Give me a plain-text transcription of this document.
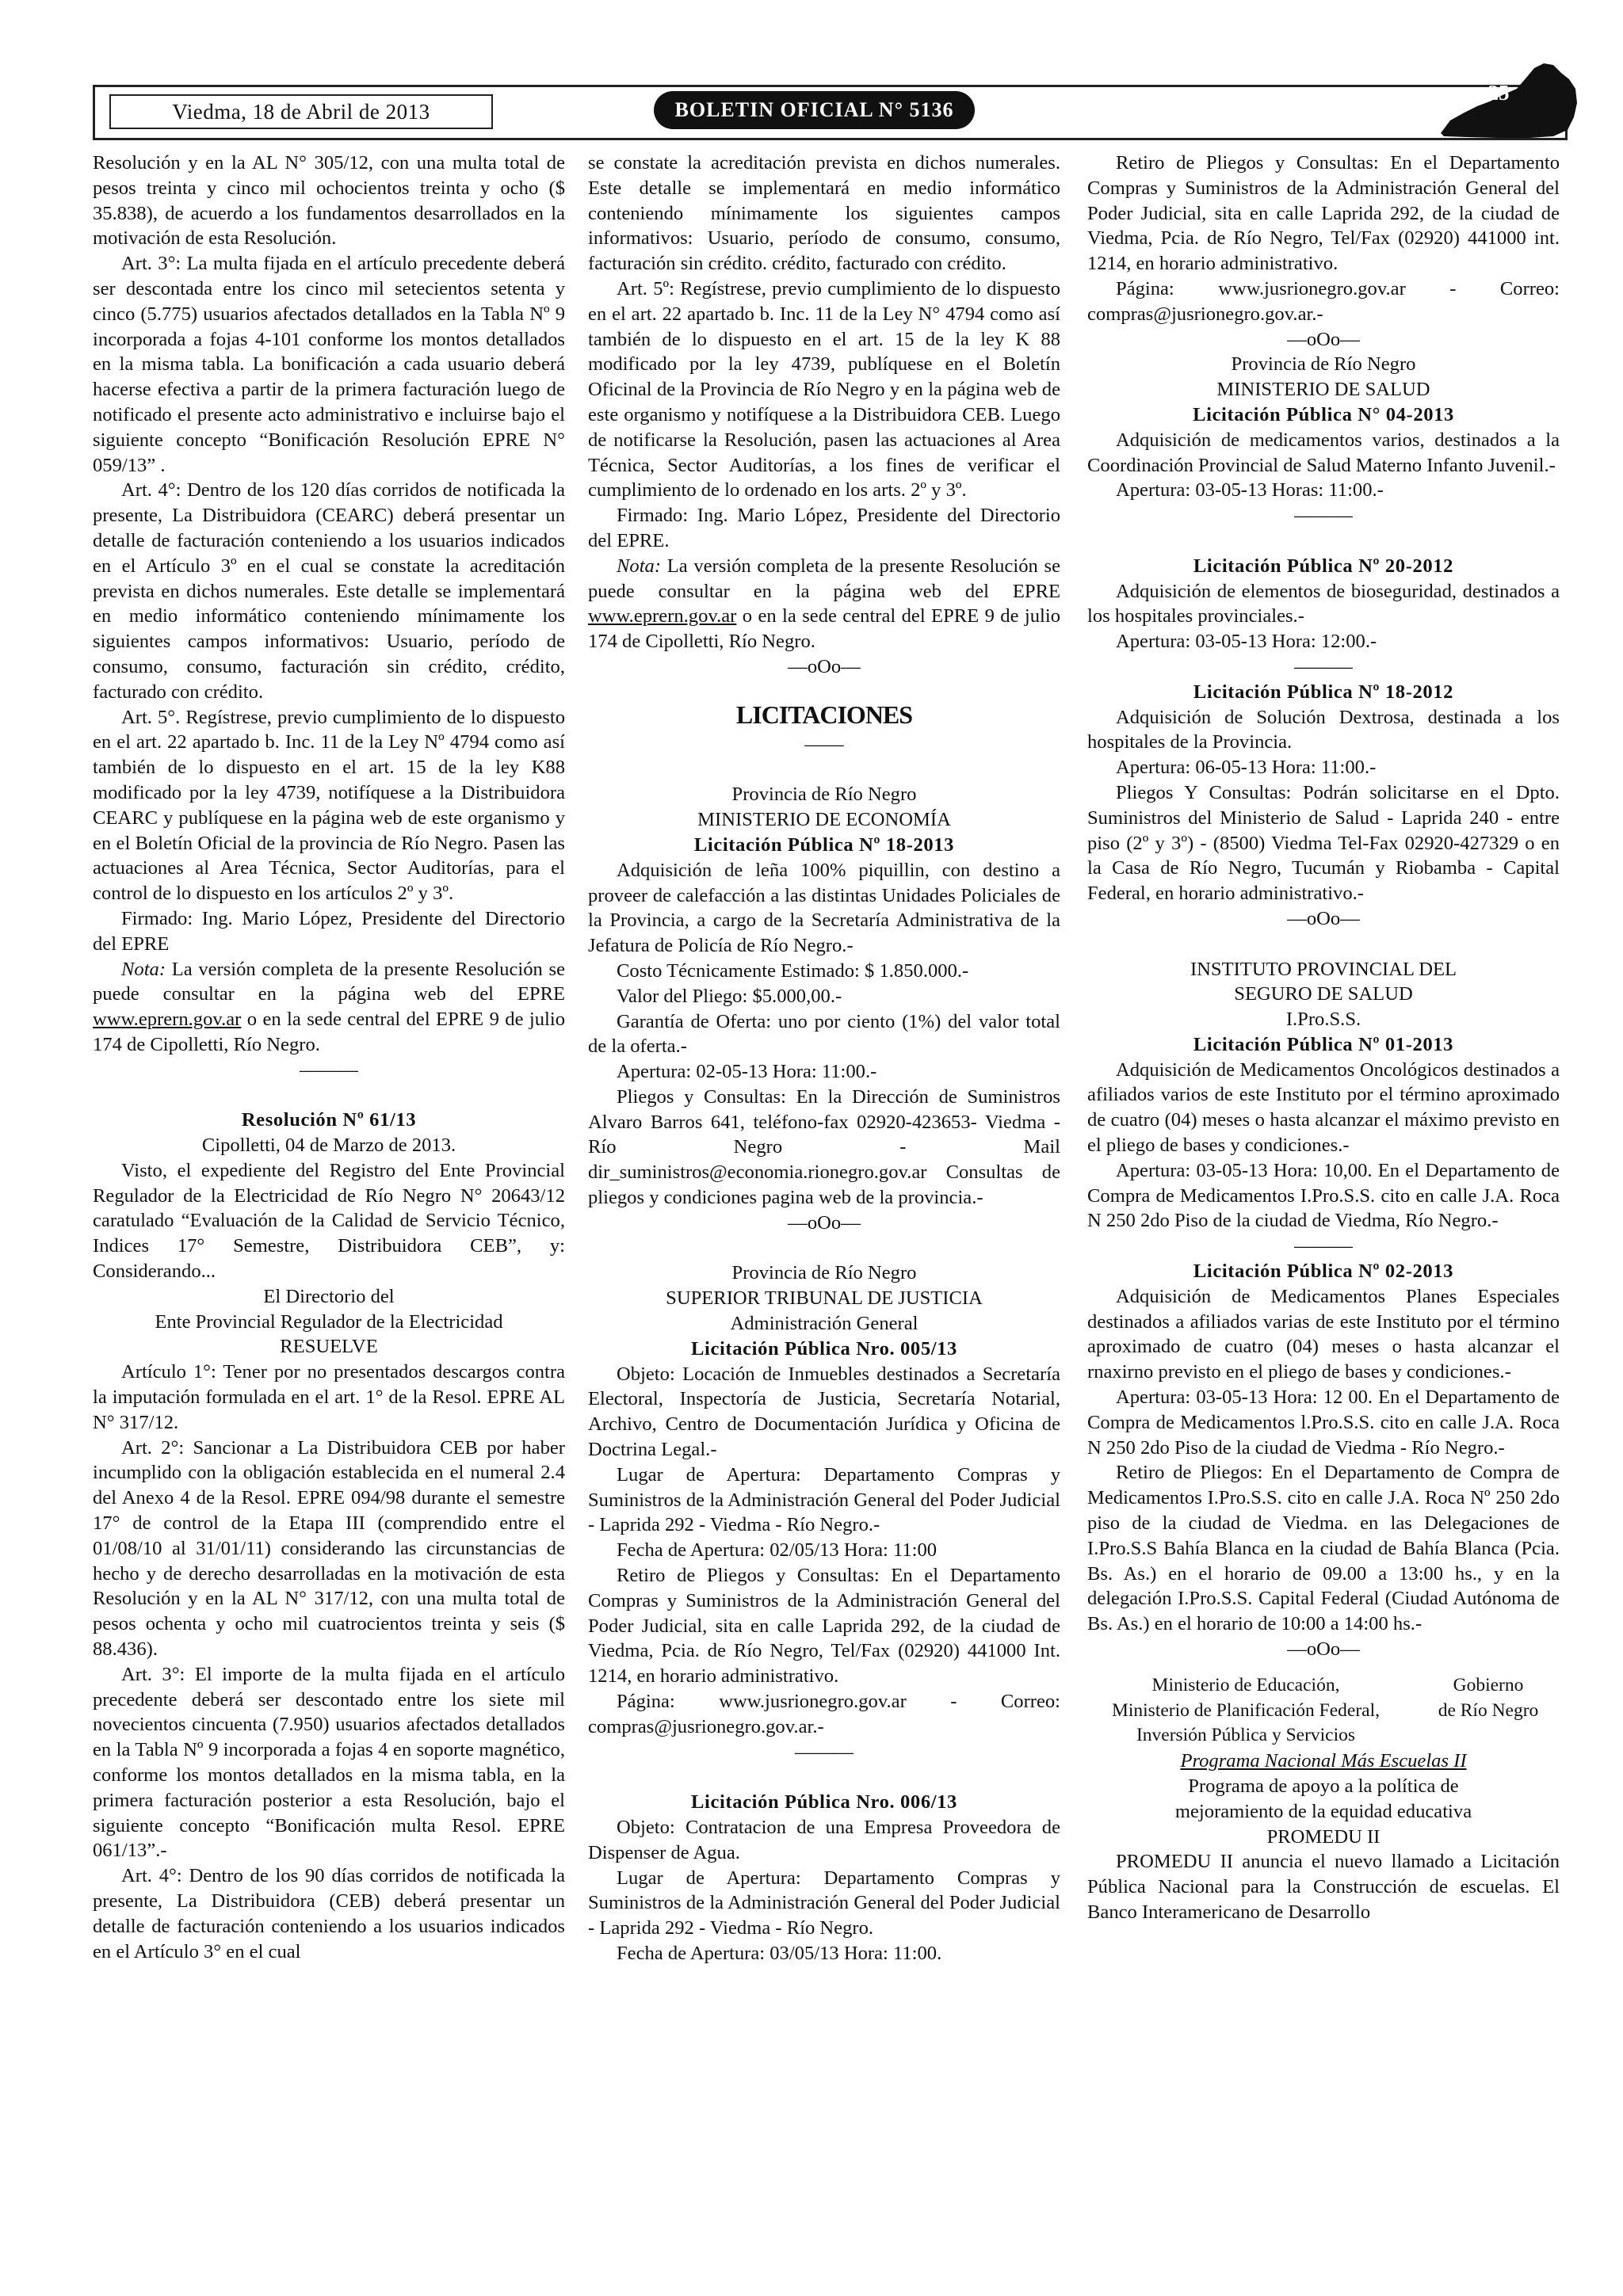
Viedma, 18 de Abril de 2013	BOLETIN OFICIAL N° 5136
25

Resolución y en la AL N° 305/12, con una multa total de pesos treinta y cinco mil ochocientos treinta y ocho ($ 35.838), de acuerdo a los fundamentos desarrollados en la motivación de esta Resolución.

Art. 3°: La multa fijada en el artículo precedente deberá ser descontada entre los cinco mil setecientos setenta y cinco (5.775) usuarios afectados detallados en la Tabla Nº 9 incorporada a fojas 4-101 conforme los montos detallados en la misma tabla. La bonificación a cada usuario deberá hacerse efectiva a partir de la primera facturación luego de notificado el presente acto administrativo e incluirse bajo el siguiente concepto “Bonificación Resolución EPRE N° 059/13” .

Art. 4°: Dentro de los 120 días corridos de notificada la presente, La Distribuidora (CEARC) deberá presentar un detalle de facturación conteniendo a los usuarios indicados en el Artículo 3º en el cual se constate la acreditación prevista en dichos numerales. Este detalle se implementará en medio informático conteniendo mínimamente los siguientes campos informativos: Usuario, período de consumo, consumo, facturación sin crédito, crédito, facturado con crédito.

Art. 5°. Regístrese, previo cumplimiento de lo dispuesto en el art. 22 apartado b. Inc. 11 de la Ley Nº 4794 como así también de lo dispuesto en el art. 15 de la ley K88 modificado por la ley 4739, notifíquese a la Distribuidora CEARC y publíquese en la página web de este organismo y en el Boletín Oficial de la provincia de Río Negro. Pasen las actuaciones al Area Técnica, Sector Auditorías, para el control de lo dispuesto en los artículos 2º y 3º.

Firmado: Ing. Mario López, Presidente del Directorio del EPRE

Nota: La versión completa de la presente Resolución se puede consultar en la página web del EPRE www.eprern.gov.ar o en la sede central del EPRE 9 de julio 174 de Cipolletti, Río Negro.

———

Resolución Nº 61/13

Cipolletti, 04 de Marzo de 2013.

Visto, el expediente del Registro del Ente Provincial Regulador de la Electricidad de Río Negro N° 20643/12 caratulado “Evaluación de la Calidad de Servicio Técnico, Indices 17° Semestre, Distribuidora CEB”, y: Considerando...

El Directorio del

Ente Provincial Regulador de la Electricidad

RESUELVE

Artículo 1°: Tener por no presentados descargos contra la imputación formulada en el art. 1° de la Resol. EPRE AL N° 317/12.

Art. 2°: Sancionar a La Distribuidora CEB por haber incumplido con la obligación establecida en el numeral 2.4 del Anexo 4 de la Resol. EPRE 094/98 durante el semestre 17° de control de la Etapa III (comprendido entre el 01/08/10 al 31/01/11) considerando las circunstancias de hecho y de derecho desarrolladas en la motivación de esta Resolución y en la AL N° 317/12, con una multa total de pesos ochenta y ocho mil cuatrocientos treinta y seis ($ 88.436).

Art. 3°: El importe de la multa fijada en el artículo precedente deberá ser descontado entre los siete mil novecientos cincuenta (7.950) usuarios afectados detallados en la Tabla Nº 9 incorporada a fojas 4 en soporte magnético, conforme los montos detallados en la misma tabla, en la primera facturación posterior a esta Resolución, bajo el siguiente concepto “Bonificación multa Resol. EPRE 061/13”.-

Art. 4°: Dentro de los 90 días corridos de notificada la presente, La Distribuidora (CEB) deberá presentar un detalle de facturación conteniendo a los usuarios indicados en el Artículo 3° en el cual

se constate la acreditación prevista en dichos numerales. Este detalle se implementará en medio informático conteniendo mínimamente los siguientes campos informativos: Usuario, período de consumo, consumo, facturación sin crédito. crédito, facturado con crédito.

Art. 5º: Regístrese, previo cumplimiento de lo dispuesto en el art. 22 apartado b. Inc. 11 de la Ley N° 4794 como así también de lo dispuesto en el art. 15 de la ley K 88 modificado por la ley 4739, publíquese en el Boletín Oficinal de la Provincia de Río Negro y en la página web de este organismo y notifíquese a la Distribuidora CEB. Luego de notificarse la Resolución, pasen las actuaciones al Area Técnica, Sector Auditorías, a los fines de verificar el cumplimiento de lo ordenado en los arts. 2º y 3º.

Firmado: Ing. Mario López, Presidente del Directorio del EPRE.

Nota: La versión completa de la presente Resolución se puede consultar en la página web del EPRE www.eprern.gov.ar o en la sede central del EPRE 9 de julio 174 de Cipolletti, Río Negro.

—oOo—
LICITACIONES
——

Provincia de Río Negro

MINISTERIO DE ECONOMÍA

Licitación Pública Nº 18-2013

Adquisición de leña 100% piquillin, con destino a proveer de calefacción a las distintas Unidades Policiales de la Provincia, a cargo de la Secretaría Administrativa de la Jefatura de Policía de Río Negro.-

Costo Técnicamente Estimado: $ 1.850.000.-

Valor del Pliego: $5.000,00.-

Garantía de Oferta: uno por ciento (1%) del valor total de la oferta.-

Apertura: 02-05-13 Hora: 11:00.-

Pliegos y Consultas: En la Dirección de Suministros Alvaro Barros 641, teléfono-fax 02920-423653- Viedma - Río Negro - Mail dir_suministros@economia.rionegro.gov.ar Consultas de pliegos y condiciones pagina web de la provincia.-

—oOo—

Provincia de Río Negro

SUPERIOR TRIBUNAL DE JUSTICIA

Administración General

Licitación Pública Nro. 005/13

Objeto: Locación de Inmuebles destinados a Secretaría Electoral, Inspectoría de Justicia, Secretaría Notarial, Archivo, Centro de Documentación Jurídica y Oficina de Doctrina Legal.-

Lugar de Apertura: Departamento Compras y Suministros de la Administración General del Poder Judicial - Laprida 292 - Viedma - Río Negro.-

Fecha de Apertura: 02/05/13 Hora: 11:00

Retiro de Pliegos y Consultas: En el Departamento Compras y Suministros de la Administración General del Poder Judicial, sita en calle Laprida 292, de la ciudad de Viedma, Pcia. de Río Negro, Tel/Fax (02920) 441000 Int. 1214, en horario administrativo.

Página: www.jusrionegro.gov.ar - Correo: compras@jusrionegro.gov.ar.-

———

Licitación Pública Nro. 006/13

Objeto: Contratacion de una Empresa Proveedora de Dispenser de Agua.

Lugar de Apertura: Departamento Compras y Suministros de la Administración General del Poder Judicial - Laprida 292 - Viedma - Río Negro.

Fecha de Apertura: 03/05/13 Hora: 11:00.

Retiro de Pliegos y Consultas: En el Departamento Compras y Suministros de la Administración General del Poder Judicial, sita en calle Laprida 292, de la ciudad de Viedma, Pcia. de Río Negro, Tel/Fax (02920) 441000 int. 1214, en horario administrativo.

Página: www.jusrionegro.gov.ar - Correo: compras@jusrionegro.gov.ar.-

—oOo—

Provincia de Río Negro

MINISTERIO DE SALUD

Licitación Pública N° 04-2013

Adquisición de medicamentos varios, destinados a la Coordinación Provincial de Salud Materno Infanto Juvenil.-

Apertura: 03-05-13 Horas: 11:00.-

———

Licitación Pública Nº 20-2012

Adquisición de elementos de bioseguridad, destinados a los hospitales provinciales.-

Apertura: 03-05-13 Hora: 12:00.-

———

Licitación Pública Nº 18-2012

Adquisición de Solución Dextrosa, destinada a los hospitales de la Provincia.

Apertura: 06-05-13 Hora: 11:00.-

Pliegos Y Consultas: Podrán solicitarse en el Dpto. Suministros del Ministerio de Salud - Laprida 240 - entre piso (2º y 3º) - (8500) Viedma Tel-Fax 02920-427329 o en la Casa de Río Negro, Tucumán y Riobamba - Capital Federal, en horario administrativo.-

—oOo—

INSTITUTO PROVINCIAL DEL

SEGURO DE SALUD

I.Pro.S.S.

Licitación Pública Nº 01-2013

Adquisición de Medicamentos Oncológicos destinados a afiliados varios de este Instituto por el término aproximado de cuatro (04) meses o hasta alcanzar el máximo previsto en el pliego de bases y condiciones.-

Apertura: 03-05-13 Hora: 10,00. En el Departamento de Compra de Medicamentos I.Pro.S.S. cito en calle J.A. Roca N 250 2do Piso de la ciudad de Viedma, Río Negro.-

———

Licitación Pública Nº 02-2013

Adquisición de Medicamentos Planes Especiales destinados a afiliados varias de este Instituto por el término aproximado de cuatro (04) meses o hasta alcanzar el rnaxirno previsto en el pliego de bases y condiciones.-

Apertura: 03-05-13 Hora: 12 00. En el Departamento de Compra de Medicamentos l.Pro.S.S. cito en calle J.A. Roca N 250 2do Piso de la ciudad de Viedma - Río Negro.-

Retiro de Pliegos: En el Departamento de Compra de Medicamentos I.Pro.S.S. cito en calle J.A. Roca Nº 250 2do piso de la ciudad de Viedma. en las Delegaciones de I.Pro.S.S Bahía Blanca en la ciudad de Bahía Blanca (Pcia. Bs. As.) en el horario de 09.00 a 13:00 hs., y en la delegación I.Pro.S.S. Capital Federal (Ciudad Autónoma de Bs. As.) en el horario de 10:00 a 14:00 hs.-

—oOo—
Ministerio de Educación,
Ministerio de Planificación Federal,
Inversión Pública y Servicios
Gobierno
de Río Negro

Programa Nacional Más Escuelas II

Programa de apoyo a la política de

mejoramiento de la equidad educativa

PROMEDU II

PROMEDU II anuncia el nuevo llamado a Licitación Pública Nacional para la Construcción de escuelas. El Banco Interamericano de Desarrollo
